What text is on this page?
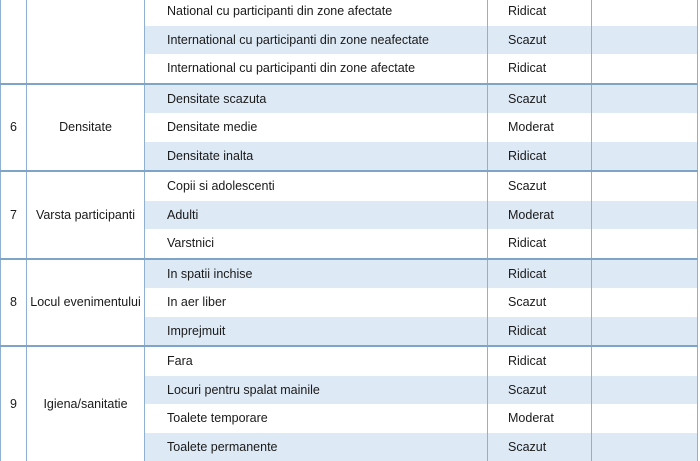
		National cu participanti din zone afectate	Ridicat	
		International cu participanti din zone neafectate	Scazut	
		International cu participanti din zone afectate	Ridicat	
6	Densitate	Densitate scazuta	Scazut	
		Densitate medie	Moderat	
		Densitate inalta	Ridicat	
7	Varsta participanti	Copii si adolescenti	Scazut	
		Adulti	Moderat	
		Varstnici	Ridicat	
8	Locul evenimentului	In spatii inchise	Ridicat	
		In aer liber	Scazut	
		Imprejmuit	Ridicat	
9	Igiena/sanitatie	Fara	Ridicat	
		Locuri pentru spalat mainile	Scazut	
		Toalete temporare	Moderat	
		Toalete permanente	Scazut	
